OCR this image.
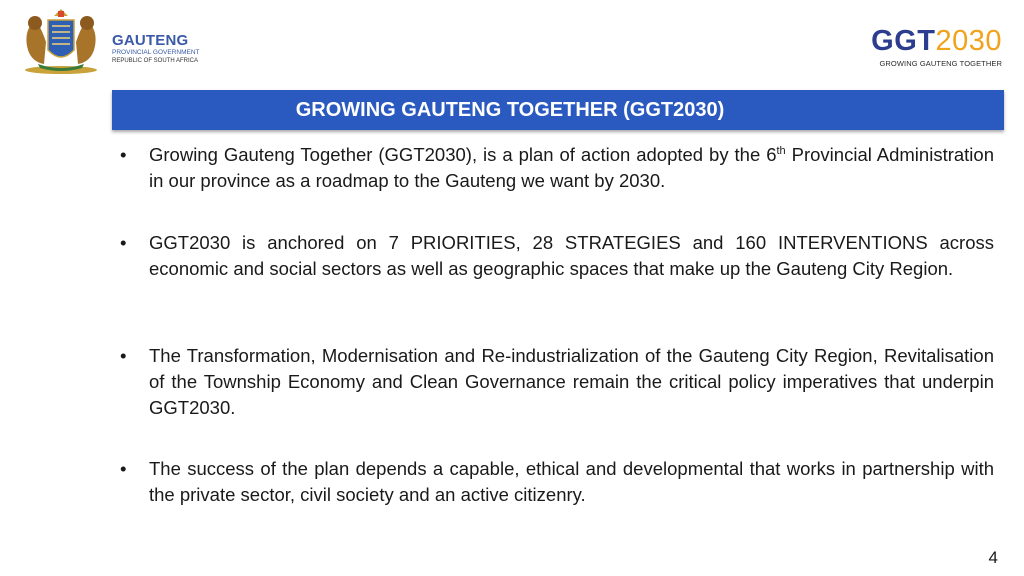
GAUTENG
PROVINCIAL GOVERNMENT
REPUBLIC OF SOUTH AFRICA
GGT2030
GROWING GAUTENG TOGETHER
GROWING GAUTENG TOGETHER (GGT2030)
• Growing Gauteng Together (GGT2030), is a plan of action adopted by the 6th Provincial Administration in our province as a roadmap to the Gauteng we want by 2030.
• GGT2030 is anchored on 7 PRIORITIES, 28 STRATEGIES and 160 INTERVENTIONS across economic and social sectors as well as geographic spaces that make up the Gauteng City Region.
• The Transformation, Modernisation and Re-industrialization of the Gauteng City Region, Revitalisation of the Township Economy and Clean Governance remain the critical policy imperatives that underpin GGT2030.
• The success of the plan depends a capable, ethical and developmental that works in partnership with the private sector, civil society and an active citizenry.
4
